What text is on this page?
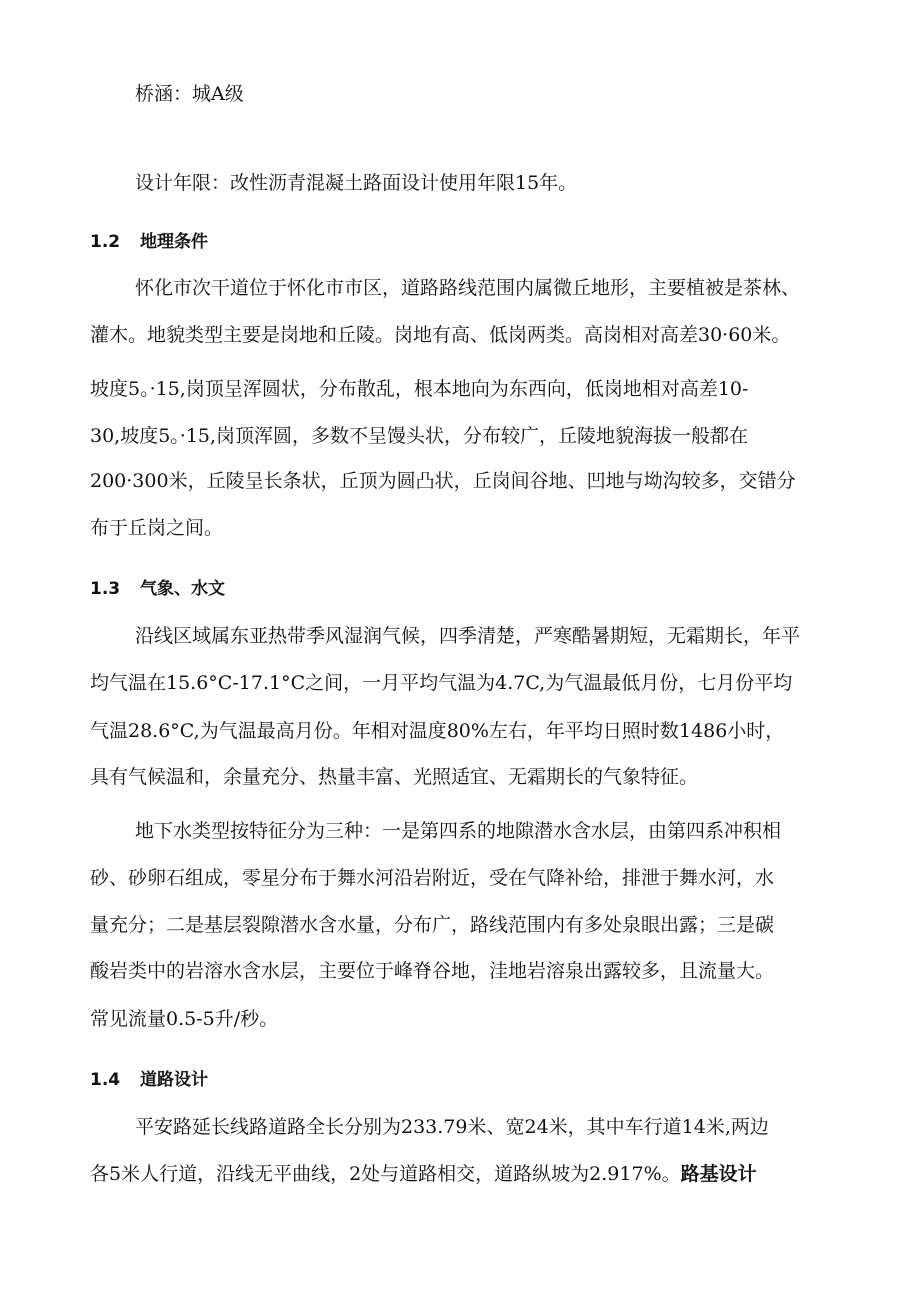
桥涵：城A级
设计年限：改性沥青混凝土路面设计使用年限15年。
1.2 地理条件
怀化市次干道位于怀化市市区，道路路线范围内属微丘地形，主要植被是茶林、
灌木。地貌类型主要是岗地和丘陵。岗地有高、低岗两类。高岗相对高差30·60米。
坡度5。·15,岗顶呈浑圆状，分布散乱，根本地向为东西向，低岗地相对高差10-
30,坡度5。·15,岗顶浑圆，多数不呈馒头状，分布较广，丘陵地貌海拔一般都在
200·300米，丘陵呈长条状，丘顶为圆凸状，丘岗间谷地、凹地与坳沟较多，交错分
布于丘岗之间。
1.3 气象、水文
沿线区域属东亚热带季风湿润气候，四季清楚，严寒酷暑期短，无霜期长，年平
均气温在15.6°C-17.1°C之间，一月平均气温为4.7C,为气温最低月份，七月份平均
气温28.6°C,为气温最高月份。年相对温度80%左右，年平均日照时数1486小时，
具有气候温和，余量充分、热量丰富、光照适宜、无霜期长的气象特征。
地下水类型按特征分为三种：一是第四系的地隙潜水含水层，由第四系冲积相
砂、砂卵石组成，零星分布于舞水河沿岩附近，受在气降补给，排泄于舞水河，水
量充分；二是基层裂隙潜水含水量，分布广，路线范围内有多处泉眼出露；三是碳
酸岩类中的岩溶水含水层，主要位于峰脊谷地，洼地岩溶泉出露较多，且流量大。
常见流量0.5-5升/秒。
1.4 道路设计
平安路延长线路道路全长分别为233.79米、宽24米，其中车行道14米,两边
各5米人行道，沿线无平曲线，2处与道路相交，道路纵坡为2.917%。路基设计
